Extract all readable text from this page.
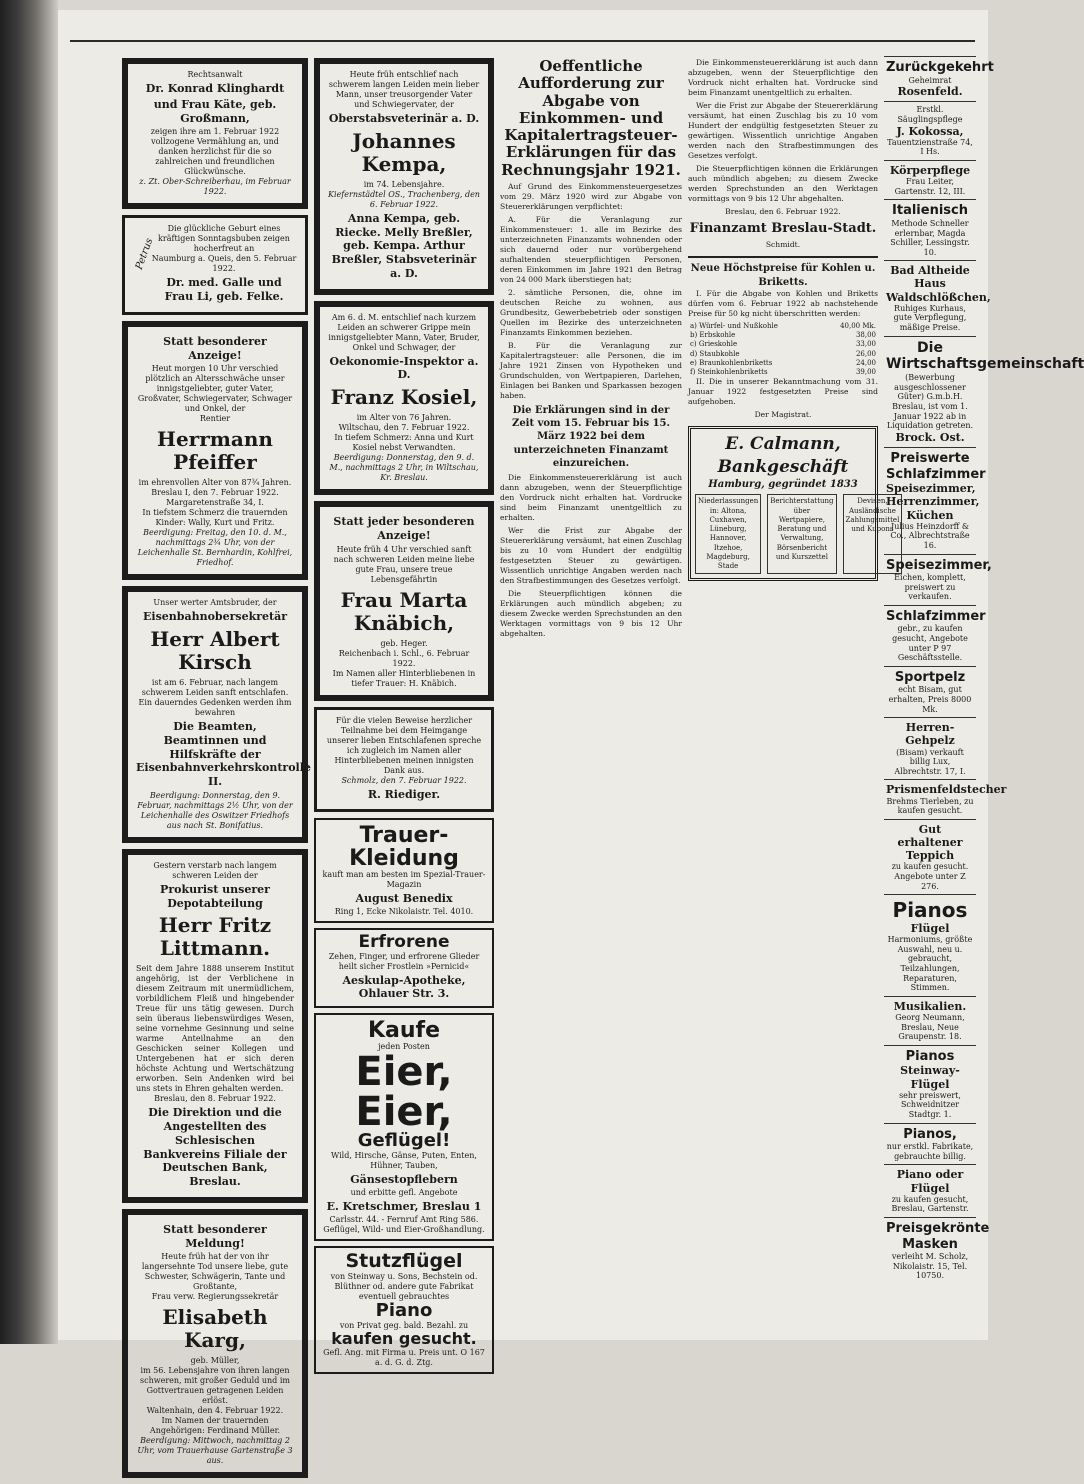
Rechtsanwalt
Dr. Konrad Klinghardt
und Frau Käte, geb. Großmann,
zeigen ihre am 1. Februar 1922 vollzogene Vermählung an, und danken herzlichst für die so zahlreichen und freundlichen Glückwünsche.
z. Zt. Ober-Schreiberhau, im Februar 1922.
Petrus
Die glückliche Geburt eines kräftigen Sonntagsbuben zeigen hocherfreut an
Naumburg a. Queis, den 5. Februar 1922.
Dr. med. Galle und Frau Li, geb. Felke.
Statt besonderer Anzeige!
Heut morgen 10 Uhr verschied plötzlich an Altersschwäche unser innigstgeliebter, guter Vater, Großvater, Schwiegervater, Schwager und Onkel, der
Rentier
Herrmann Pfeiffer
im ehrenvollen Alter von 87¾ Jahren.
Breslau I, den 7. Februar 1922. Margaretenstraße 34, I.
In tiefstem Schmerz die trauernden Kinder: Wally, Kurt und Fritz.
Beerdigung: Freitag, den 10. d. M., nachmittags 2¾ Uhr, von der Leichenhalle St. Bernhardin, Kohlfrei, Friedhof.
Unser werter Amtsbruder, der
Eisenbahnobersekretär
Herr Albert Kirsch
ist am 6. Februar, nach langem schwerem Leiden sanft entschlafen. Ein dauerndes Gedenken werden ihm bewahren
Die Beamten, Beamtinnen und Hilfskräfte der Eisenbahnverkehrskontrolle II.
Beerdigung: Donnerstag, den 9. Februar, nachmittags 2½ Uhr, von der Leichenhalle des Oswitzer Friedhofs aus nach St. Bonifatius.
Gestern verstarb nach langem schweren Leiden der
Prokurist unserer Depotabteilung
Herr Fritz Littmann.
Seit dem Jahre 1888 unserem Institut angehörig, ist der Verblichene in diesem Zeitraum mit unermüdlichem, vorbildlichem Fleiß und hingebender Treue für uns tätig gewesen. Durch sein überaus liebenswürdiges Wesen, seine vornehme Gesinnung und seine warme Anteilnahme an den Geschicken seiner Kollegen und Untergebenen hat er sich deren höchste Achtung und Wertschätzung erworben. Sein Andenken wird bei uns stets in Ehren gehalten werden.
Breslau, den 8. Februar 1922.
Die Direktion und die Angestellten des Schlesischen Bankvereins Filiale der Deutschen Bank, Breslau.
Statt besonderer Meldung!
Heute früh hat der von ihr langersehnte Tod unsere liebe, gute Schwester, Schwägerin, Tante und Großtante,
Frau verw. Regierungssekretär
Elisabeth Karg,
geb. Müller,
im 56. Lebensjahre von ihren langen schweren, mit großer Geduld und im Gottvertrauen getragenen Leiden erlöst.
Waltenhain, den 4. Februar 1922.
Im Namen der trauernden Angehörigen: Ferdinand Müller.
Beerdigung: Mittwoch, nachmittag 2 Uhr, vom Trauerhause Gartenstraße 3 aus.
Heute früh entschlief nach schwerem langen Leiden mein lieber Mann, unser treusorgender Vater und Schwiegervater, der
Oberstabsveterinär a. D.
Johannes Kempa,
im 74. Lebensjahre.
Kiefernstädtel OS., Trachenberg, den 6. Februar 1922.
Anna Kempa, geb. Riecke. Melly Breßler, geb. Kempa. Arthur Breßler, Stabsveterinär a. D.
Am 6. d. M. entschlief nach kurzem Leiden an schwerer Grippe mein innigstgeliebter Mann, Vater, Bruder, Onkel und Schwager, der
Oekonomie-Inspektor a. D.
Franz Kosiel,
im Alter von 76 Jahren.
Wiltschau, den 7. Februar 1922.
In tiefem Schmerz: Anna und Kurt Kosiel nebst Verwandten.
Beerdigung: Donnerstag, den 9. d. M., nachmittags 2 Uhr, in Wiltschau, Kr. Breslau.
Statt jeder besonderen Anzeige!
Heute früh 4 Uhr verschied sanft nach schweren Leiden meine liebe gute Frau, unsere treue Lebensgefährtin
Frau Marta Knäbich,
geb. Heger.
Reichenbach i. Schl., 6. Februar 1922.
Im Namen aller Hinterbliebenen in tiefer Trauer: H. Knäbich.
Für die vielen Beweise herzlicher Teilnahme bei dem Heimgange unserer lieben Entschlafenen spreche ich zugleich im Namen aller Hinterbliebenen meinen innigsten Dank aus.
Schmolz, den 7. Februar 1922.
R. Riediger.
Trauer-Kleidung
kauft man am besten im Spezial-Trauer-Magazin
August Benedix
Ring 1, Ecke Nikolaistr. Tel. 4010.
Erfrorene
Zehen, Finger, und erfrorene Glieder
heilt sicher Frostlein »Pernicid«
Aeskulap-Apotheke, Ohlauer Str. 3.
Kaufe
jeden Posten
Eier, Eier,
Geflügel!
Wild, Hirsche, Gänse, Puten, Enten, Hühner, Tauben,
Gänsestopflebern
und erbitte gefl. Angebote
E. Kretschmer, Breslau 1
Carlsstr. 44. - Fernruf Amt Ring 586.
Geflügel, Wild- und Eier-Großhandlung.
Stutzflügel
von Steinway u. Sons, Bechstein od. Blüthner od. andere gute Fabrikat eventuell gebrauchtes
Piano
von Privat geg. bald. Bezahl. zu
kaufen gesucht.
Gefl. Ang. mit Firma u. Preis unt. O 167 a. d. G. d. Ztg.
Oeffentliche Aufforderung zur Abgabe von Einkommen- und Kapitalertragsteuer-Erklärungen für das Rechnungsjahr 1921.

Auf Grund des Einkommensteuergesetzes vom 29. März 1920 wird zur Abgabe von Steuererklärungen verpflichtet:

A. Für die Veranlagung zur Einkommensteuer: 1. alle im Bezirke des unterzeichneten Finanzamts wohnenden oder sich dauernd oder nur vorübergehend aufhaltenden steuerpflichtigen Personen, deren Einkommen im Jahre 1921 den Betrag von 24 000 Mark überstiegen hat;

2. sämtliche Personen, die, ohne im deutschen Reiche zu wohnen, aus Grundbesitz, Gewerbebetrieb oder sonstigen Quellen im Bezirke des unterzeichneten Finanzamts Einkommen beziehen.

B. Für die Veranlagung zur Kapitalertragsteuer: alle Personen, die im Jahre 1921 Zinsen von Hypotheken und Grundschulden, von Wertpapieren, Darlehen, Einlagen bei Banken und Sparkassen bezogen haben.

Die Erklärungen sind in der Zeit vom 15. Februar bis 15. März 1922 bei dem unterzeichneten Finanzamt einzureichen.

Die Einkommensteuererklärung ist auch dann abzugeben, wenn der Steuerpflichtige den Vordruck nicht erhalten hat. Vordrucke sind beim Finanzamt unentgeltlich zu erhalten.

Wer die Frist zur Abgabe der Steuererklärung versäumt, hat einen Zuschlag bis zu 10 vom Hundert der endgültig festgesetzten Steuer zu gewärtigen. Wissentlich unrichtige Angaben werden nach den Strafbestimmungen des Gesetzes verfolgt.

Die Steuerpflichtigen können die Erklärungen auch mündlich abgeben; zu diesem Zwecke werden Sprechstunden an den Werktagen vormittags von 9 bis 12 Uhr abgehalten.

Die Einkommensteuererklärung ist auch dann abzugeben, wenn der Steuerpflichtige den Vordruck nicht erhalten hat. Vordrucke sind beim Finanzamt unentgeltlich zu erhalten.

Wer die Frist zur Abgabe der Steuererklärung versäumt, hat einen Zuschlag bis zu 10 vom Hundert der endgültig festgesetzten Steuer zu gewärtigen. Wissentlich unrichtige Angaben werden nach den Strafbestimmungen des Gesetzes verfolgt.

Die Steuerpflichtigen können die Erklärungen auch mündlich abgeben; zu diesem Zwecke werden Sprechstunden an den Werktagen vormittags von 9 bis 12 Uhr abgehalten.

Breslau, den 6. Februar 1922.

Finanzamt Breslau-Stadt.

Schmidt.

Neue Höchstpreise für Kohlen u. Briketts.

I. Für die Abgabe von Kohlen und Briketts dürfen vom 6. Februar 1922 ab nachstehende Preise für 50 kg nicht überschritten werden:

a) Würfel- und Nußkohle	40,00 Mk.
b) Erbskohle	38,00
c) Grieskohle	33,00
d) Staubkohle	26,00
e) Braunkohlenbriketts	24,00
f) Steinkohlenbriketts	39,00

II. Die in unserer Bekanntmachung vom 31. Januar 1922 festgesetzten Preise sind aufgehoben.

Der Magistrat.

E. Calmann, Bankgeschäft
Hamburg, gegründet 1833
Niederlassungen in: Altona, Cuxhaven, Lüneburg, Hannover, Itzehoe, Magdeburg, Stade
Berichterstattung über Wertpapiere, Beratung und Verwaltung, Börsenbericht und Kurszettel
Devisen, Ausländische Zahlungsmittel und Kupons
Zurückgekehrt
Geheimrat
Rosenfeld.
Erstkl. Säuglingspflege
J. Kokossa,
Tauentzienstraße 74, I Hs.
Körperpflege
Frau Leiter, Gartenstr. 12, III.
Italienisch
Methode Schneller erlernbar, Magda Schiller, Lessingstr. 10.
Bad Altheide
Haus Waldschlößchen,
Ruhiges Kurhaus, gute Verpflegung, mäßige Preise.
Die Wirtschaftsgemeinschaft
(Bewerbung ausgeschlossener Güter) G.m.b.H. Breslau, ist vom 1. Januar 1922 ab in Liquidation getreten.
Brock. Ost.
Preiswerte Schlafzimmer
Speisezimmer, Herrenzimmer, Küchen
Julius Heinzdorff & Co., Albrechtstraße 16.
Speisezimmer,
Eichen, komplett, preiswert zu verkaufen.
Schlafzimmer
gebr., zu kaufen gesucht, Angebote unter P 97 Geschäftsstelle.
Sportpelz
echt Bisam, gut erhalten, Preis 8000 Mk.
Herren-Gehpelz
(Bisam) verkauft billig Lux, Albrechtstr. 17, I.
Prismenfeldstecher
Brehms Tierleben, zu kaufen gesucht.
Gut erhaltener Teppich
zu kaufen gesucht. Angebote unter Z 276.
Pianos
Flügel
Harmoniums, größte Auswahl, neu u. gebraucht, Teilzahlungen, Reparaturen, Stimmen.
Musikalien.
Georg Neumann,
Breslau, Neue Graupenstr. 18.
Pianos
Steinway-Flügel
sehr preiswert, Schweidnitzer Stadtgr. 1.
Pianos,
nur erstkl. Fabrikate, gebrauchte billig.
Piano oder Flügel
zu kaufen gesucht, Breslau, Gartenstr.
Preisgekrönte Masken
verleiht M. Scholz, Nikolaistr. 15, Tel. 10750.
